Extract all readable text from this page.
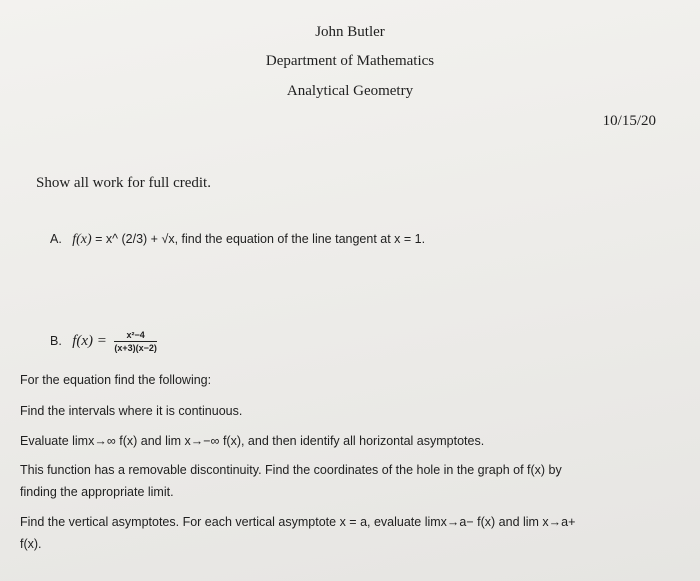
John Butler
Department of Mathematics
Analytical Geometry
10/15/20
Show all work for full credit.
A. f(x) = x^ (2/3) + √x, find the equation of the line tangent at x = 1.
B. $f(x) = \frac{\text{x²−4}}{(x+3)(x-2)}$
For the equation find the following:
Find the intervals where it is continuous.
Evaluate limx→∞ f(x) and lim x→−∞ f(x), and then identify all horizontal asymptotes.
This function has a removable discontinuity. Find the coordinates of the hole in the graph of f(x) by
finding the appropriate limit.
Find the vertical asymptotes. For each vertical asymptote x = a, evaluate limx→a− f(x) and lim x→a+
f(x).
